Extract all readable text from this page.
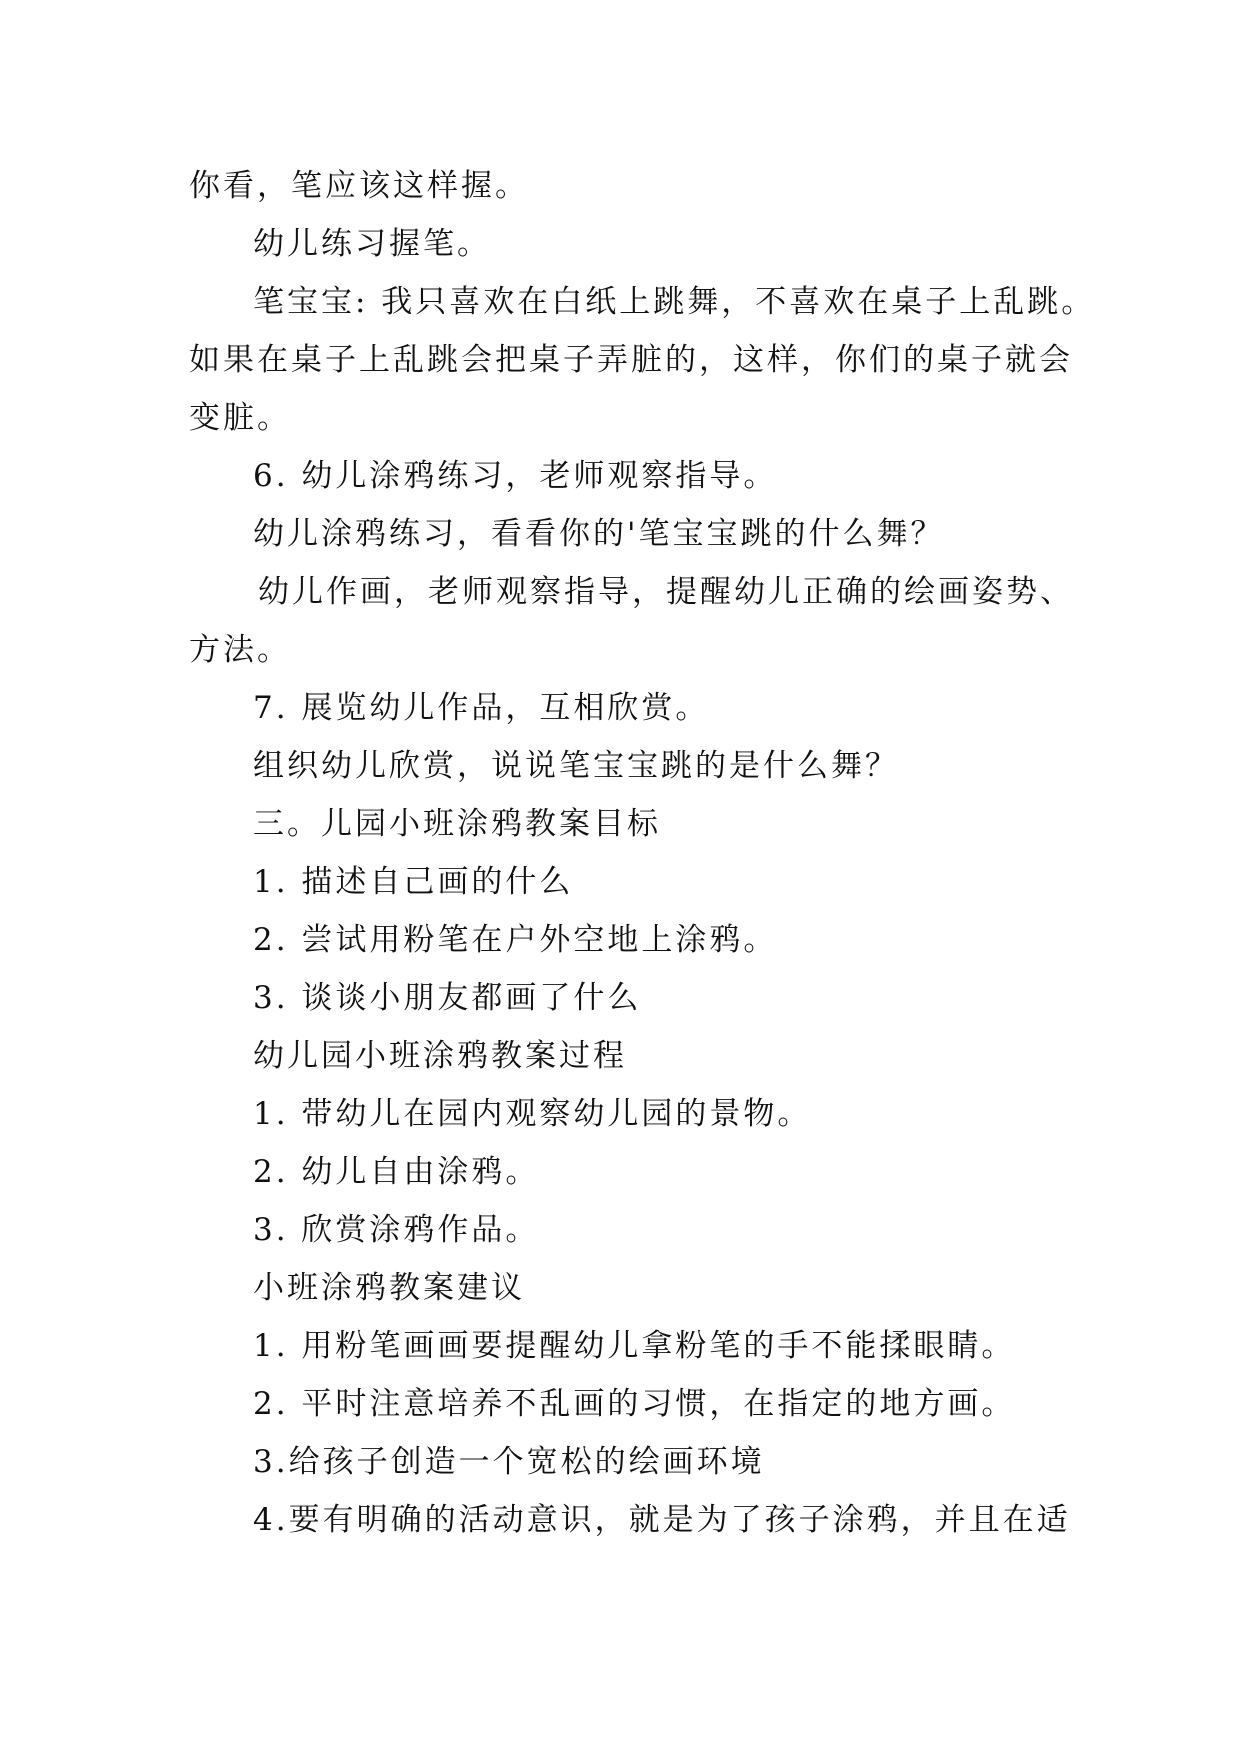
你看，笔应该这样握。
幼儿练习握笔。
笔宝宝: 我只喜欢在白纸上跳舞，不喜欢在桌子上乱跳。
如果在桌子上乱跳会把桌子弄脏的，这样，你们的桌子就会
变脏。
6. 幼儿涂鸦练习，老师观察指导。
幼儿涂鸦练习，看看你的'笔宝宝跳的什么舞？
幼儿作画，老师观察指导，提醒幼儿正确的绘画姿势、
方法。
7. 展览幼儿作品，互相欣赏。
组织幼儿欣赏，说说笔宝宝跳的是什么舞？
三。儿园小班涂鸦教案目标
1. 描述自己画的什么
2. 尝试用粉笔在户外空地上涂鸦。
3. 谈谈小朋友都画了什么
幼儿园小班涂鸦教案过程
1. 带幼儿在园内观察幼儿园的景物。
2. 幼儿自由涂鸦。
3. 欣赏涂鸦作品。
小班涂鸦教案建议
1. 用粉笔画画要提醒幼儿拿粉笔的手不能揉眼睛。
2. 平时注意培养不乱画的习惯，在指定的地方画。
3.给孩子创造一个宽松的绘画环境
4.要有明确的活动意识，就是为了孩子涂鸦，并且在适
